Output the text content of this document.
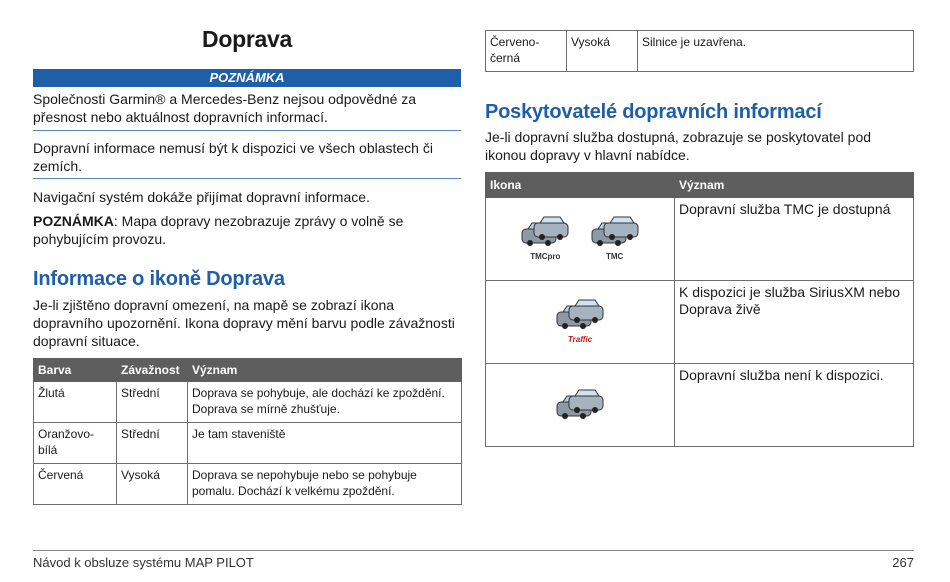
Doprava
POZNÁMKA
Společnosti Garmin® a Mercedes-Benz nejsou odpovědné za přesnost nebo aktuálnost dopravních informací.
Dopravní informace nemusí být k dispozici ve všech oblastech či zemích.
Navigační systém dokáže přijímat dopravní informace.
POZNÁMKA: Mapa dopravy nezobrazuje zprávy o volně se pohybujícím provozu.
Informace o ikoně Doprava
Je-li zjištěno dopravní omezení, na mapě se zobrazí ikona dopravního upozornění. Ikona dopravy mění barvu podle závažnosti dopravní situace.
Barva	Závažnost	Význam
Žlutá	Střední	Doprava se pohybuje, ale dochází ke zpoždění. Doprava se mírně zhušťuje.
Oranžovo-bílá	Střední	Je tam staveniště
Červená	Vysoká	Doprava se nepohybuje nebo se pohybuje pomalu. Dochází k velkému zpoždění.
Červeno-černá	Vysoká	Silnice je uzavřena.
Poskytovatelé dopravních informací
Je-li dopravní služba dostupná, zobrazuje se poskytovatel pod ikonou dopravy v hlavní nabídce.
Ikona	Význam

TMCpro
TMC	Dopravní služba TMC je dostupná

Traffic	K dispozici je služba SiriusXM nebo Doprava živě
	Dopravní služba není k dispozici.
Návod k obsluze systému MAP PILOT	267
